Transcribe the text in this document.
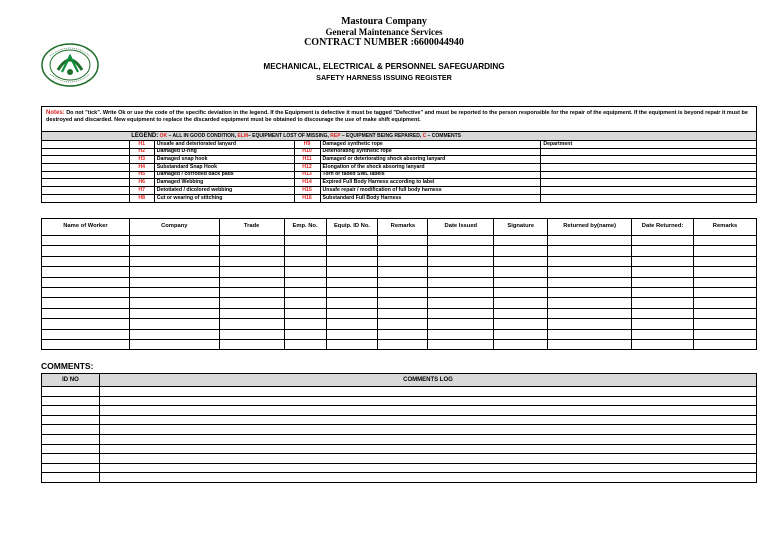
Mastoura Company
General Maintenance Services
CONTRACT NUMBER :6600044940
MECHANICAL, ELECTRICAL & PERSONNEL SAFEGUARDING
SAFETY HARNESS ISSUING REGISTER
Notes: Do not "tick". Write Ok or use the code of the specific deviation in the legend. If the Equipment is defective it must be tagged "Defective" and must be reported to the person responsible for the repair of the equipment. If the equipment is beyond repair it must be destroyed and discarded. New equipment to replace the discarded equipment must be obtained to discourage the use of make shift equipment.
	LEGEND: OK – ALL IN GOOD CONDITION, ELM– EQUIPMENT LOST OF MISSING, REP – EQUIPMENT BEING REPAIRED, C – COMMENTS				
	H1	Unsafe and deteriorated lanyard	H9	Damaged synthetic rope	Department
	H2	Damaged D-ring	H10	Deteriorating synthetic rope	
	H3	Damaged snap hook	H11	Damaged or deteriorating shock absoring lanyard	
	H4	Substandard Snap Hook	H12	Elongation of the shock absoring lanyard	
	H5	Damaged / corroded back pads	H13	Torn or faded SWL labels	
	H6	Damaged Webbing	H14	Expired Full Body Harness according to label	
	H7	Detotiated / dicolored webbing	H15	Unsafe repair / modification of full body harness	
	H8	Cut or wearing of stitching	H16	Substandard Full Body Harness	
Name of Worker	Company	Trade	Emp. No.	Equip. ID No.	Remarks	Date Issued	Signature	Returned by(name)	Date Returned:	Remarks

COMMENTS:
ID NO	COMMENTS LOG
